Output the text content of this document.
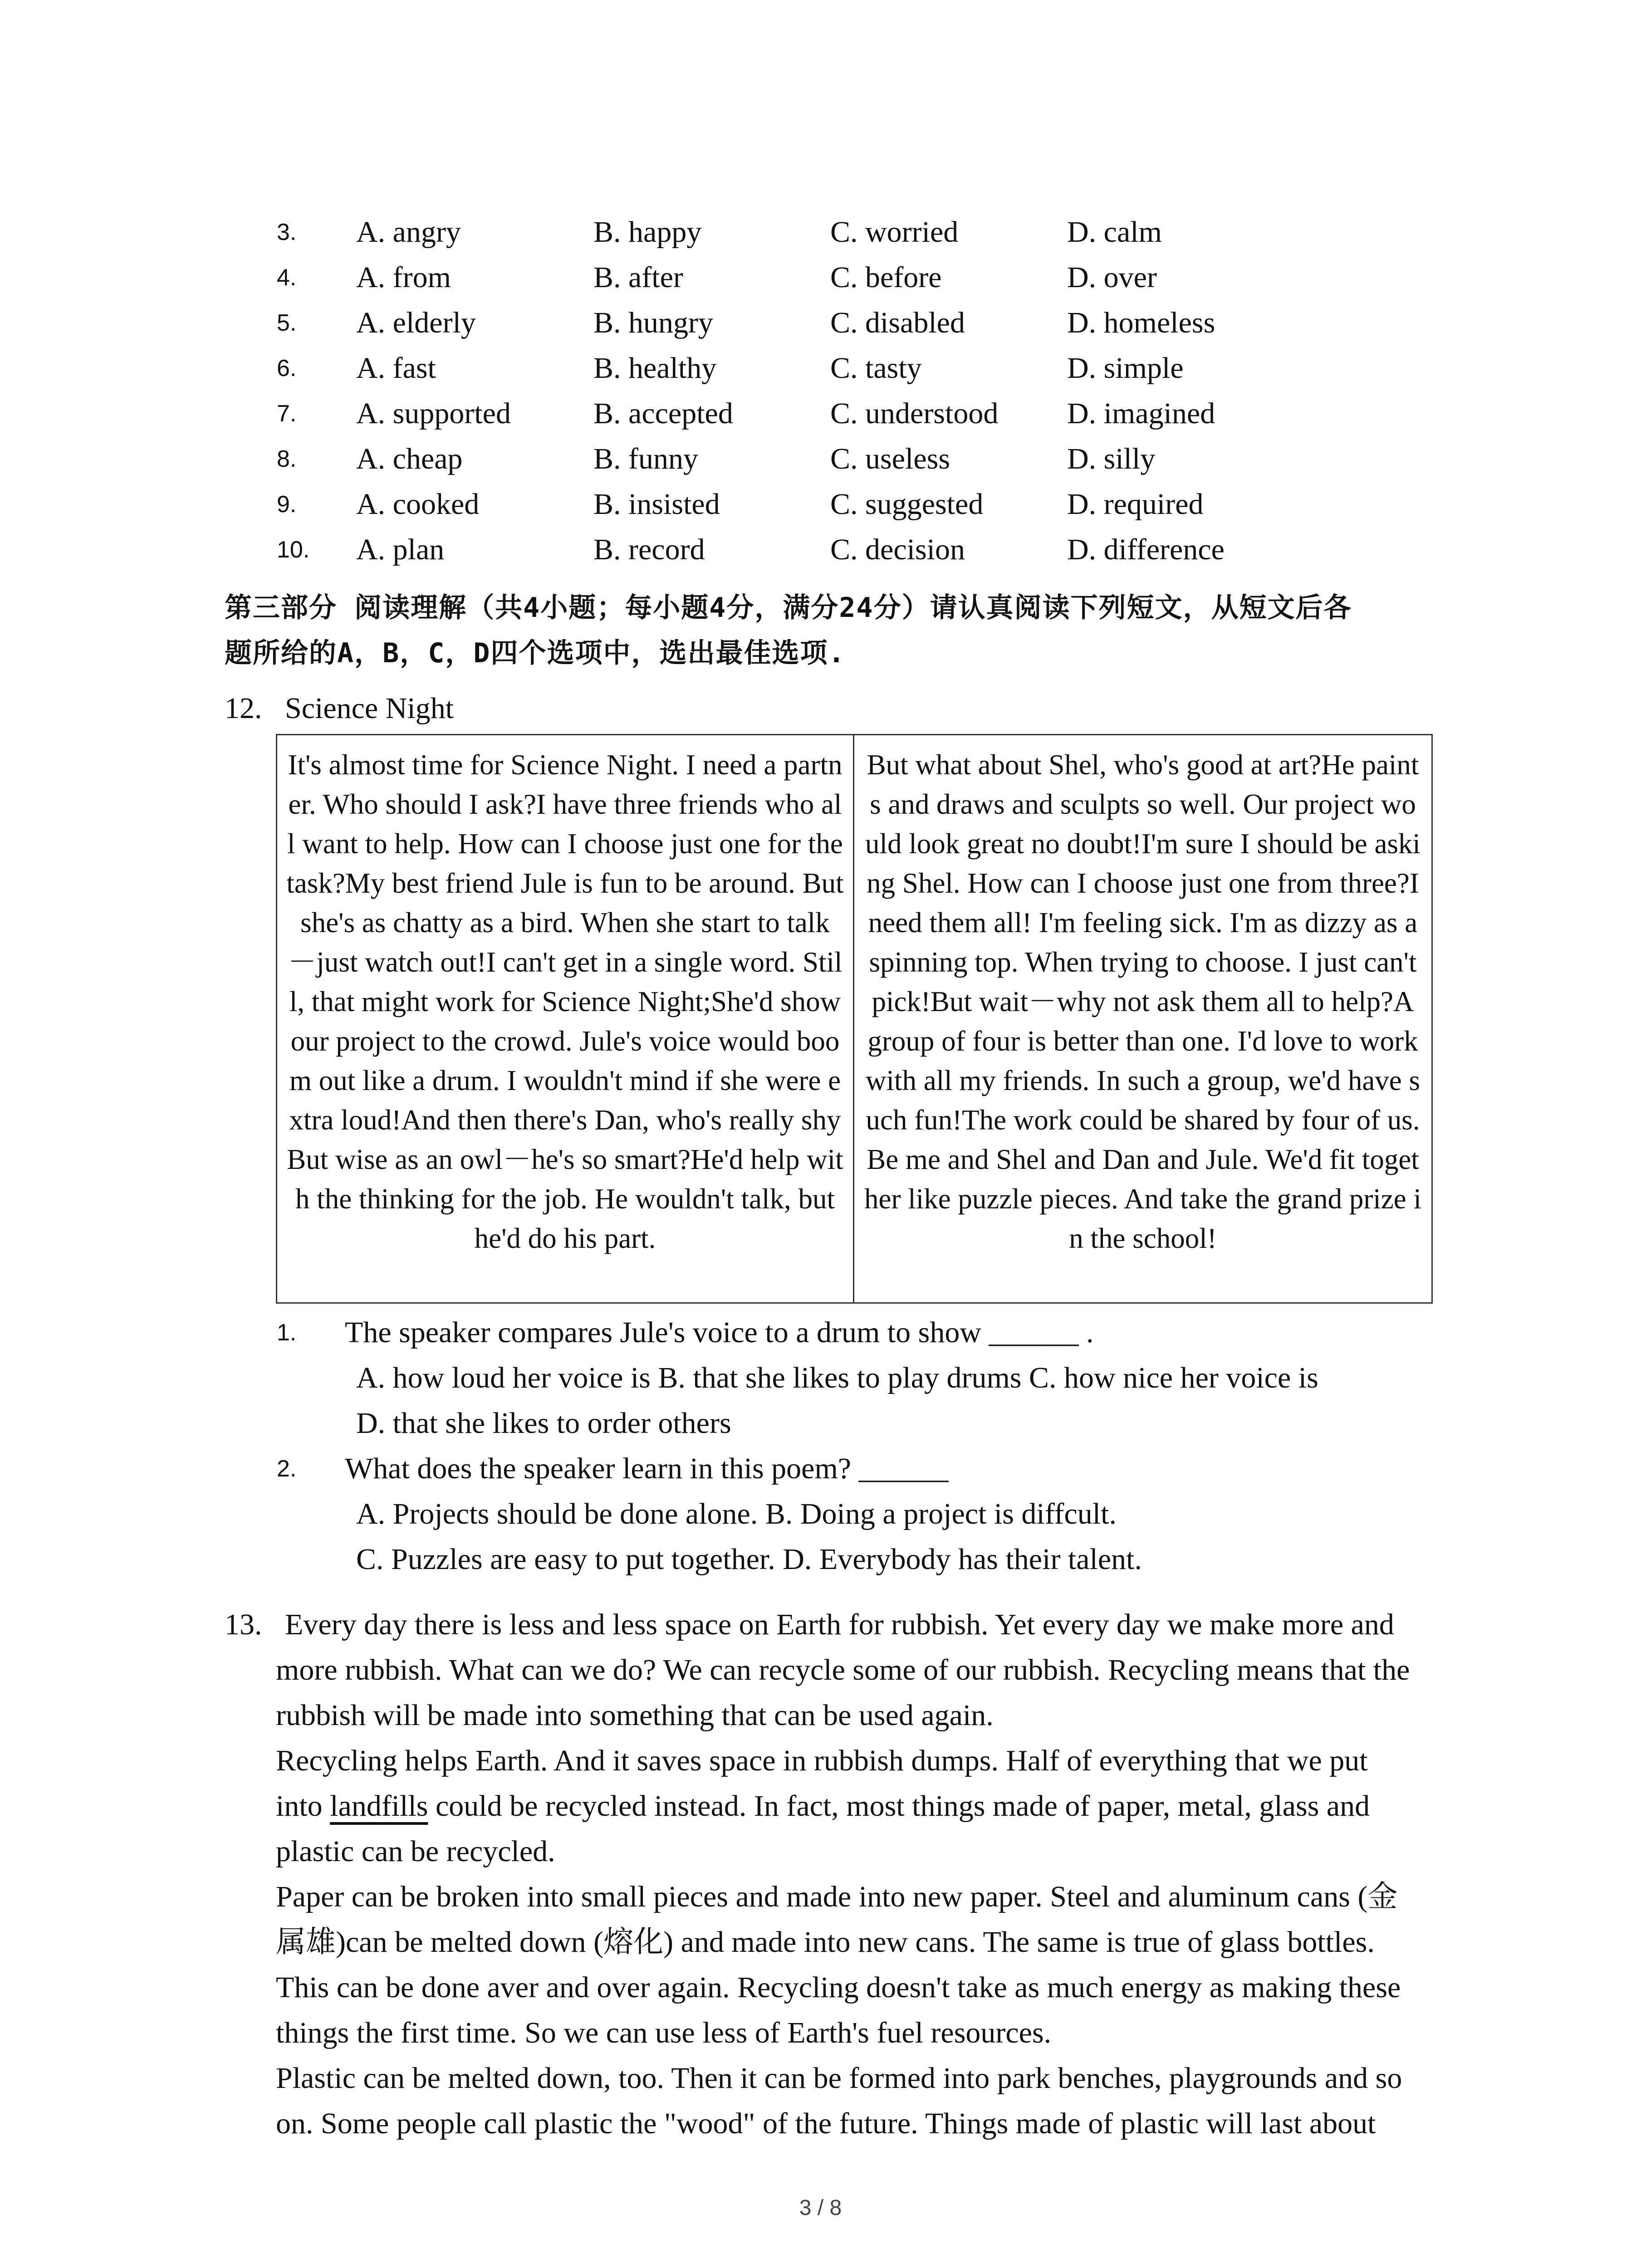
3. A. angry	B. happy	C. worried	D. calm
4. A. from	B. after	C. before	D. over
5. A. elderly	B. hungry	C. disabled	D. homeless
6. A. fast	B. healthy	C. tasty	D. simple
7. A. supported	B. accepted	C. understood D. imagined
8. A. cheap	B. funny	C. useless	D. silly
9. A. cooked	B. insisted	C. suggested	D. required
10. A. plan	B. record	C. decision	D. difference
第三部分 阅读理解（共4小题；每小题4分，满分24分）请认真阅读下列短文，从短文后各
题所给的A，B，C，D四个选项中，选出最佳选项.
12. Science Night
It's almost time for Science Night. I need a partner. Who should I ask?I have three friends who all want to help. How can I choose just one for the task?My best friend Jule is fun to be around. But she's as chatty as a bird. When she start to talk－just watch out!I can't get in a single word. Still, that might work for Science Night;She'd show our project to the crowd. Jule's voice would boom out like a drum. I wouldn't mind if she were extra loud!And then there's Dan, who's really shyBut wise as an owl－he's so smart?He'd help with the thinking for the job. He wouldn't talk, but he'd do his part.
But what about Shel, who's good at art?He paints and draws and sculpts so well. Our project would look great no doubt!I'm sure I should be asking Shel. How can I choose just one from three?I need them all! I'm feeling sick. I'm as dizzy as a spinning top. When trying to choose. I just can't pick!But wait－why not ask them all to help?A group of four is better than one. I'd love to work with all my friends. In such a group, we'd have such fun!The work could be shared by four of us. Be me and Shel and Dan and Jule. We'd fit together like puzzle pieces. And take the grand prize in the school!
1. The speaker compares Jule's voice to a drum to show ______ .
A. how loud her voice is B. that she likes to play drums C. how nice her voice is
D. that she likes to order others
2. What does the speaker learn in this poem? ______
A. Projects should be done alone. B. Doing a project is diffcult.
C. Puzzles are easy to put together. D. Everybody has their talent.
13. Every day there is less and less space on Earth for rubbish. Yet every day we make more and
more rubbish. What can we do? We can recycle some of our rubbish. Recycling means that the
rubbish will be made into something that can be used again.
Recycling helps Earth. And it saves space in rubbish dumps. Half of everything that we put
into landfills could be recycled instead. In fact, most things made of paper, metal, glass and
plastic can be recycled.
Paper can be broken into small pieces and made into new paper. Steel and aluminum cans (金
属雄)can be melted down (熔化) and made into new cans. The same is true of glass bottles.
This can be done aver and over again. Recycling doesn't take as much energy as making these
things the first time. So we can use less of Earth's fuel resources.
Plastic can be melted down, too. Then it can be formed into park benches, playgrounds and so
on. Some people call plastic the "wood" of the future. Things made of plastic will last about
3 / 8
